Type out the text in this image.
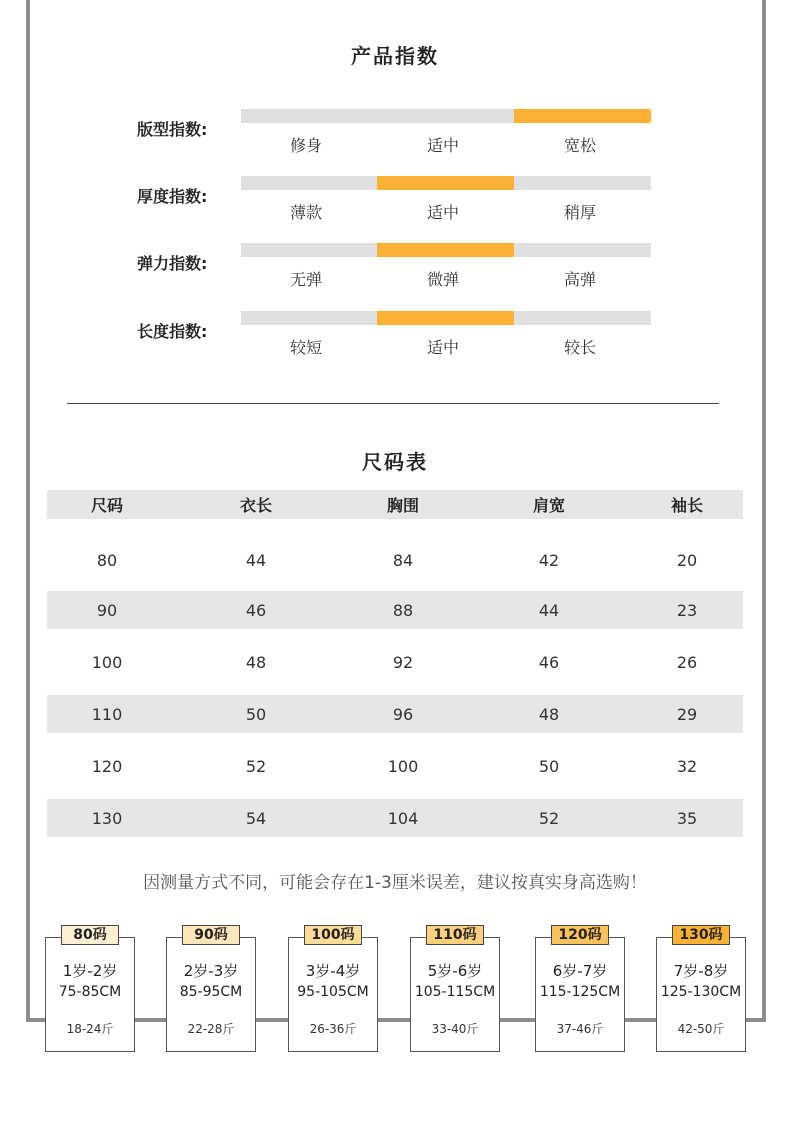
产品指数
版型指数:
修身	适中	宽松
厚度指数:
薄款	适中	稍厚
弹力指数:
无弹	微弹	高弹
长度指数:
较短	适中	较长
尺码表
尺码	衣长	胸围	肩宽	袖长
80	44	84	42	20
90	46	88	44	23
100	48	92	46	26
110	50	96	48	29
120	52	100	50	32
130	54	104	52	35
因测量方式不同，可能会存在1-3厘米误差，建议按真实身高选购！
1岁-2岁
75-85CM
18-24斤
80码
2岁-3岁
85-95CM
22-28斤
90码
3岁-4岁
95-105CM
26-36斤
100码
5岁-6岁
105-115CM
33-40斤
110码
6岁-7岁
115-125CM
37-46斤
120码
7岁-8岁
125-130CM
42-50斤
130码
